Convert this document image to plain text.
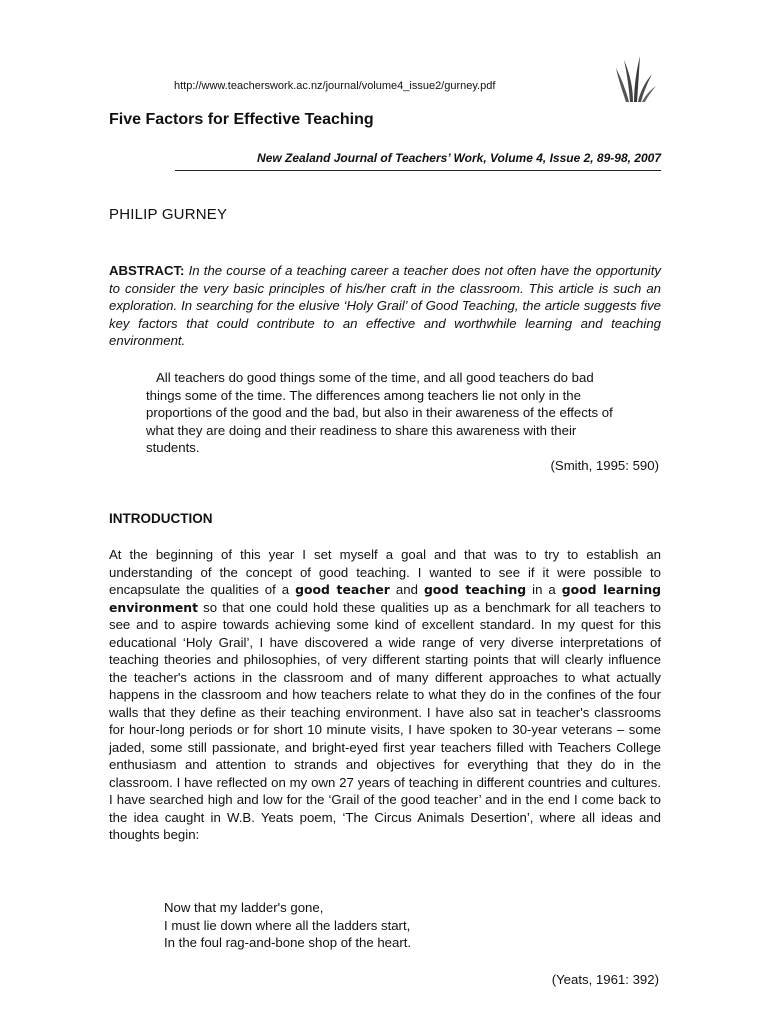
http://www.teacherswork.ac.nz/journal/volume4_issue2/gurney.pdf
Five Factors for Effective Teaching
New Zealand Journal of Teachers’ Work, Volume 4, Issue 2, 89-98, 2007
PHILIP GURNEY

ABSTRACT: In the course of a teaching career a teacher does not often have the opportunity to consider the very basic principles of his/her craft in the classroom. This article is such an exploration. In searching for the elusive ‘Holy Grail’ of Good Teaching, the article suggests five key factors that could contribute to an effective and worthwhile learning and teaching environment.

All teachers do good things some of the time, and all good teachers do bad things some of the time. The differences among teachers lie not only in the proportions of the good and the bad, but also in their awareness of the effects of what they are doing and their readiness to share this awareness with their students.

(Smith, 1995: 590)
INTRODUCTION

At the beginning of this year I set myself a goal and that was to try to establish an understanding of the concept of good teaching. I wanted to see if it were possible to encapsulate the qualities of a good teacher and good teaching in a good learning environment so that one could hold these qualities up as a benchmark for all teachers to see and to aspire towards achieving some kind of excellent standard. In my quest for this educational ‘Holy Grail’, I have discovered a wide range of very diverse interpretations of teaching theories and philosophies, of very different starting points that will clearly influence the teacher's actions in the classroom and of many different approaches to what actually happens in the classroom and how teachers relate to what they do in the confines of the four walls that they define as their teaching environment. I have also sat in teacher's classrooms for hour-long periods or for short 10 minute visits, I have spoken to 30-year veterans – some jaded, some still passionate, and bright-eyed first year teachers filled with Teachers College enthusiasm and attention to strands and objectives for everything that they do in the classroom. I have reflected on my own 27 years of teaching in different countries and cultures. I have searched high and low for the ‘Grail of the good teacher’ and in the end I come back to the idea caught in W.B. Yeats poem, ‘The Circus Animals Desertion’, where all ideas and thoughts begin:

Now that my ladder's gone,
I must lie down where all the ladders start,
In the foul rag-and-bone shop of the heart.
(Yeats, 1961: 392)
